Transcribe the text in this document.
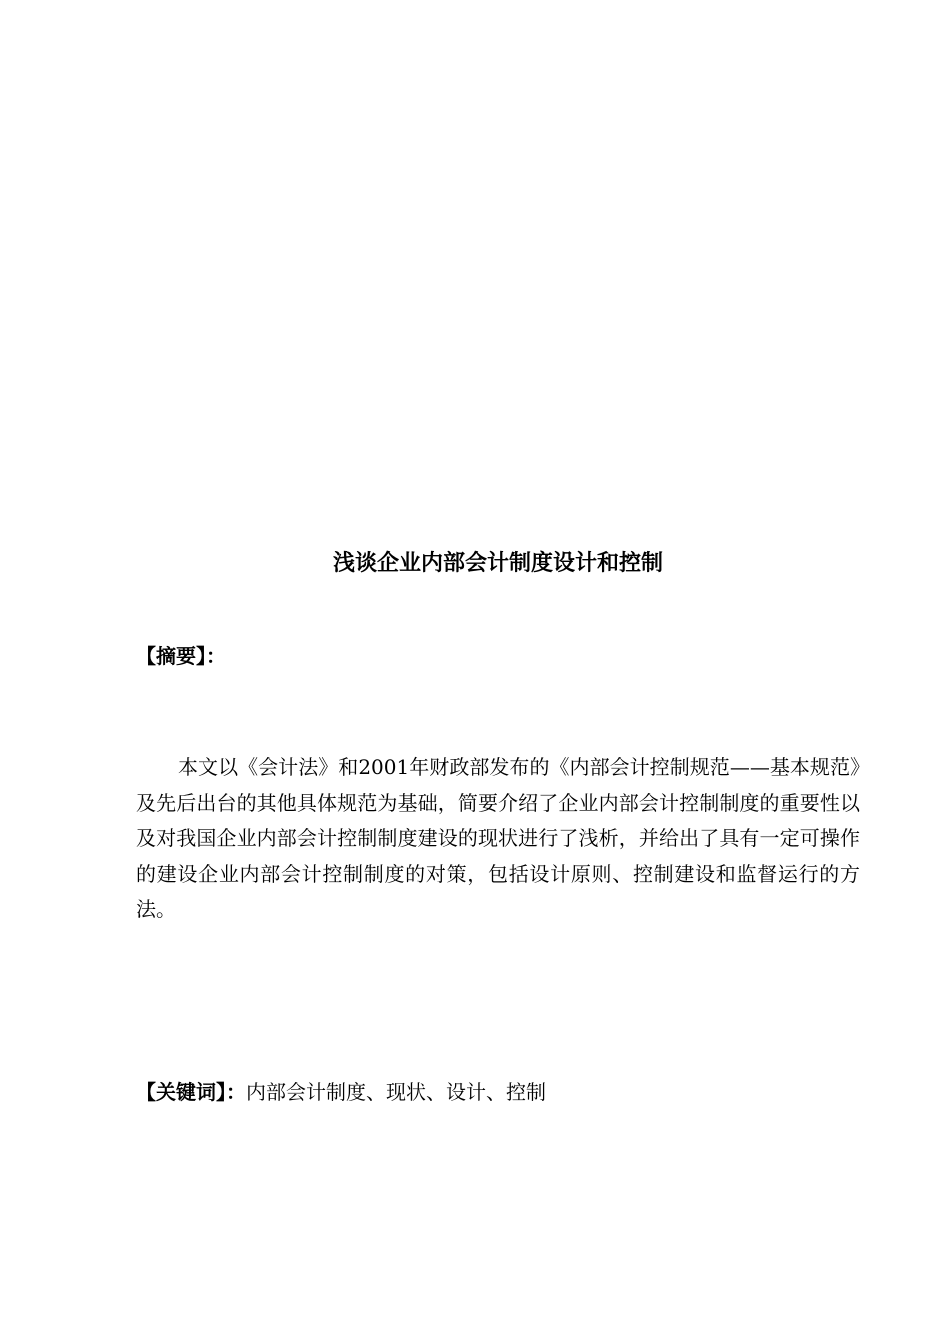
浅谈企业内部会计制度设计和控制
【摘要】：

本文以《会计法》和2001年财政部发布的《内部会计控制规范——基本规范》及先后出台的其他具体规范为基础，简要介绍了企业内部会计控制制度的重要性以及对我国企业内部会计控制制度建设的现状进行了浅析，并给出了具有一定可操作的建设企业内部会计控制制度的对策，包括设计原则、控制建设和监督运行的方法。

【关键词】：内部会计制度、现状、设计、控制
